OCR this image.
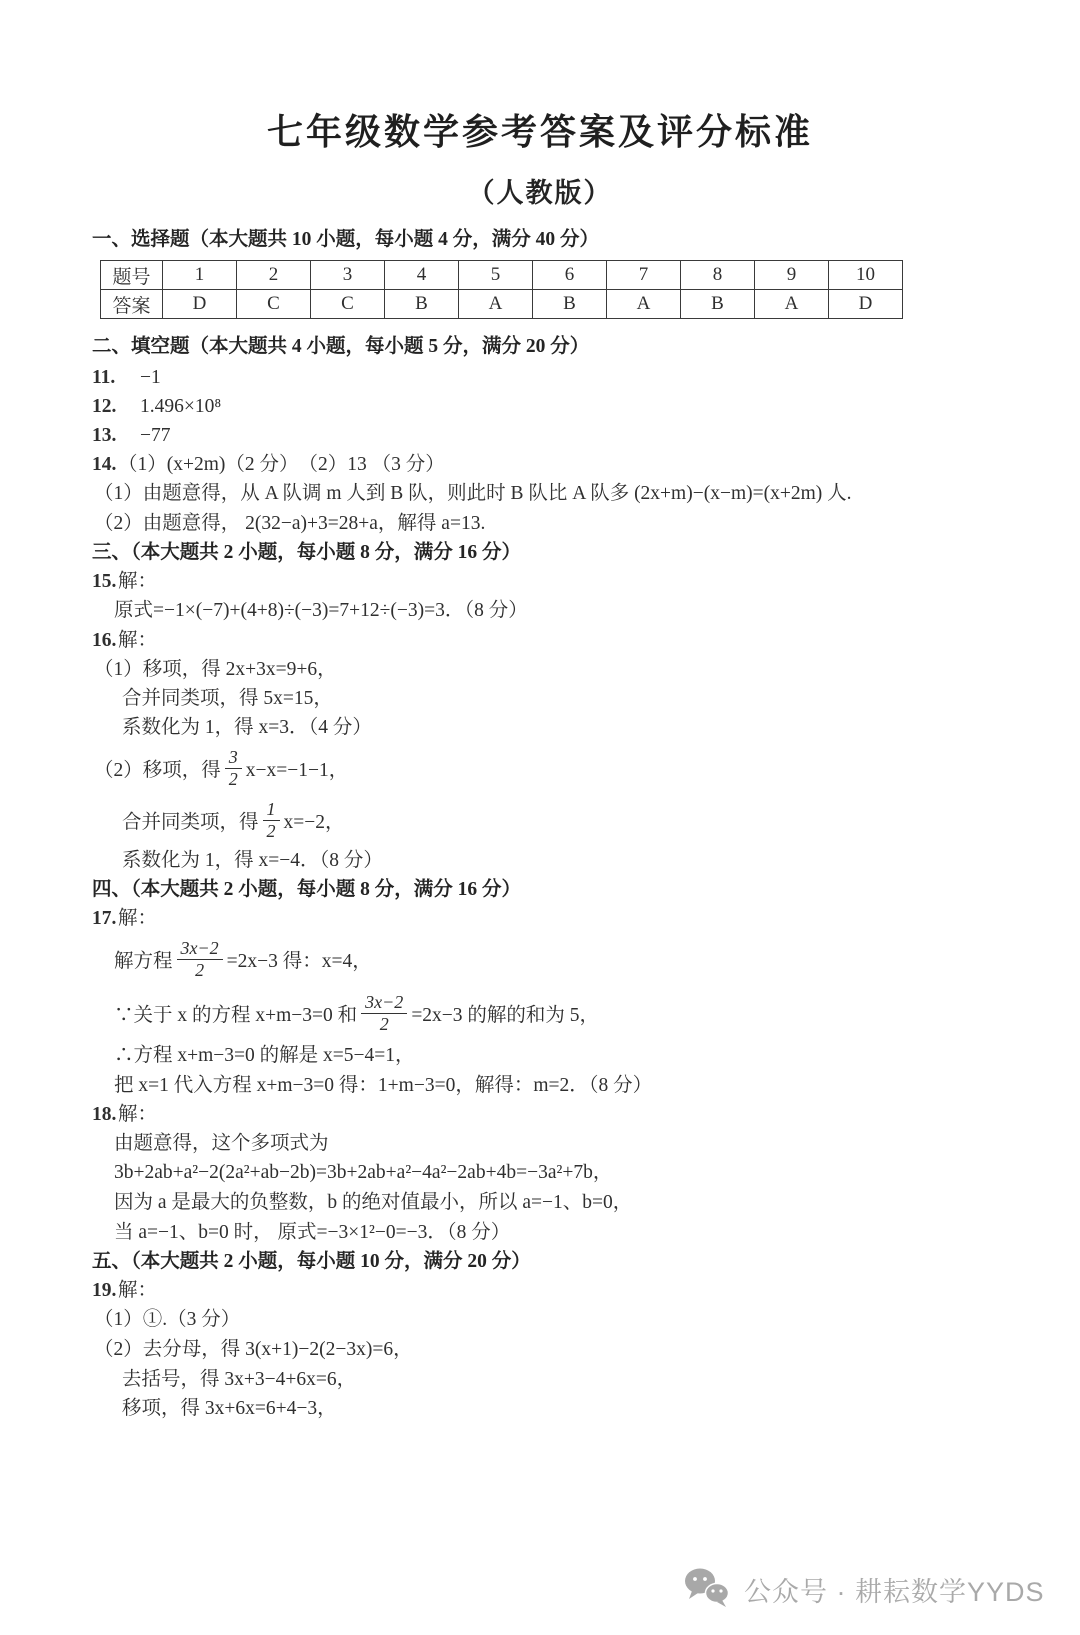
七年级数学参考答案及评分标准
（人教版）
一、选择题（本大题共 10 小题，每小题 4 分，满分 40 分）
题号	1	2	3	4	5	6	7	8	9	10
答案	D	C	C	B	A	B	A	B	A	D
二、填空题（本大题共 4 小题，每小题 5 分，满分 20 分）
11. −1
12. 1.496×10⁸
13. −77
14.（1）(x+2m)（2 分）　（2）13 （3 分）
（1）由题意得，从 A 队调 m 人到 B 队，则此时 B 队比 A 队多 (2x+m)−(x−m)=(x+2m) 人.
（2）由题意得， 2(32−a)+3=28+a，解得 a=13.
三、（本大题共 2 小题，每小题 8 分，满分 16 分）
15.解：
原式=−1×(−7)+(4+8)÷(−3)=7+12÷(−3)=3．（8 分）
16.解：
（1）移项，得 2x+3x=9+6，
合并同类项，得 5x=15，
系数化为 1，得 x=3．（4 分）
（2）移项，得 $\frac{3}{2} x-x=-1-1$，
合并同类项，得 $\frac{1}{2} x=-2$，
系数化为 1，得 x=−4．（8 分）
四、（本大题共 2 小题，每小题 8 分，满分 16 分）
17.解：
解方程 $\frac{3x-2}{2} =2x-3$ 得：x=4，
∵关于 x 的方程 x+m−3=0 和 $\frac{3x-2}{2} =2x-3$ 的解的和为 5，
∴方程 x+m−3=0 的解是 x=5−4=1，
把 x=1 代入方程 x+m−3=0 得：1+m−3=0，解得：m=2．（8 分）
18.解：
由题意得，这个多项式为
3b+2ab+a²−2(2a²+ab−2b)=3b+2ab+a²−4a²−2ab+4b=−3a²+7b，
因为 a 是最大的负整数，b 的绝对值最小，所以 a=−1、b=0，
当 a=−1、b=0 时， 原式=−3×1²−0=−3．（8 分）
五、（本大题共 2 小题，每小题 10 分，满分 20 分）
19.解：
（1）①.（3 分）
（2）去分母，得 3(x+1)−2(2−3x)=6，
去括号，得 3x+3−4+6x=6，
移项，得 3x+6x=6+4−3，
公众号 · 耕耘数学YYDS
